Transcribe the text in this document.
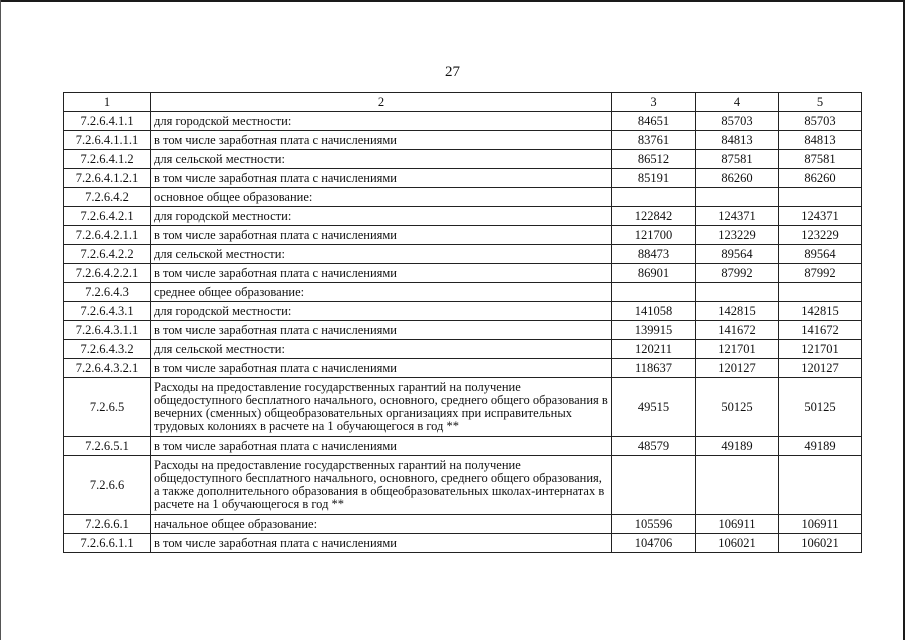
27
1	2	3	4	5
7.2.6.4.1.1	для городской местности:	84651	85703	85703
7.2.6.4.1.1.1	в том числе заработная плата с начислениями	83761	84813	84813
7.2.6.4.1.2	для сельской местности:	86512	87581	87581
7.2.6.4.1.2.1	в том числе заработная плата с начислениями	85191	86260	86260
7.2.6.4.2	основное общее образование:			
7.2.6.4.2.1	для городской местности:	122842	124371	124371
7.2.6.4.2.1.1	в том числе заработная плата с начислениями	121700	123229	123229
7.2.6.4.2.2	для сельской местности:	88473	89564	89564
7.2.6.4.2.2.1	в том числе заработная плата с начислениями	86901	87992	87992
7.2.6.4.3	среднее общее образование:			
7.2.6.4.3.1	для городской местности:	141058	142815	142815
7.2.6.4.3.1.1	в том числе заработная плата с начислениями	139915	141672	141672
7.2.6.4.3.2	для сельской местности:	120211	121701	121701
7.2.6.4.3.2.1	в том числе заработная плата с начислениями	118637	120127	120127
7.2.6.5	Расходы на предоставление государственных гарантий на получение общедоступного бесплатного начального, основного, среднего общего образования в вечерних (сменных) общеобразовательных организациях при исправительных трудовых колониях в расчете на 1 обучающегося в год **	49515	50125	50125
7.2.6.5.1	в том числе заработная плата с начислениями	48579	49189	49189
7.2.6.6	Расходы на предоставление государственных гарантий на получение общедоступного бесплатного начального, основного, среднего общего образования, а также дополнительного образования в общеобразовательных школах-интернатах в расчете на 1 обучающегося в год **			
7.2.6.6.1	начальное общее образование:	105596	106911	106911
7.2.6.6.1.1	в том числе заработная плата с начислениями	104706	106021	106021
